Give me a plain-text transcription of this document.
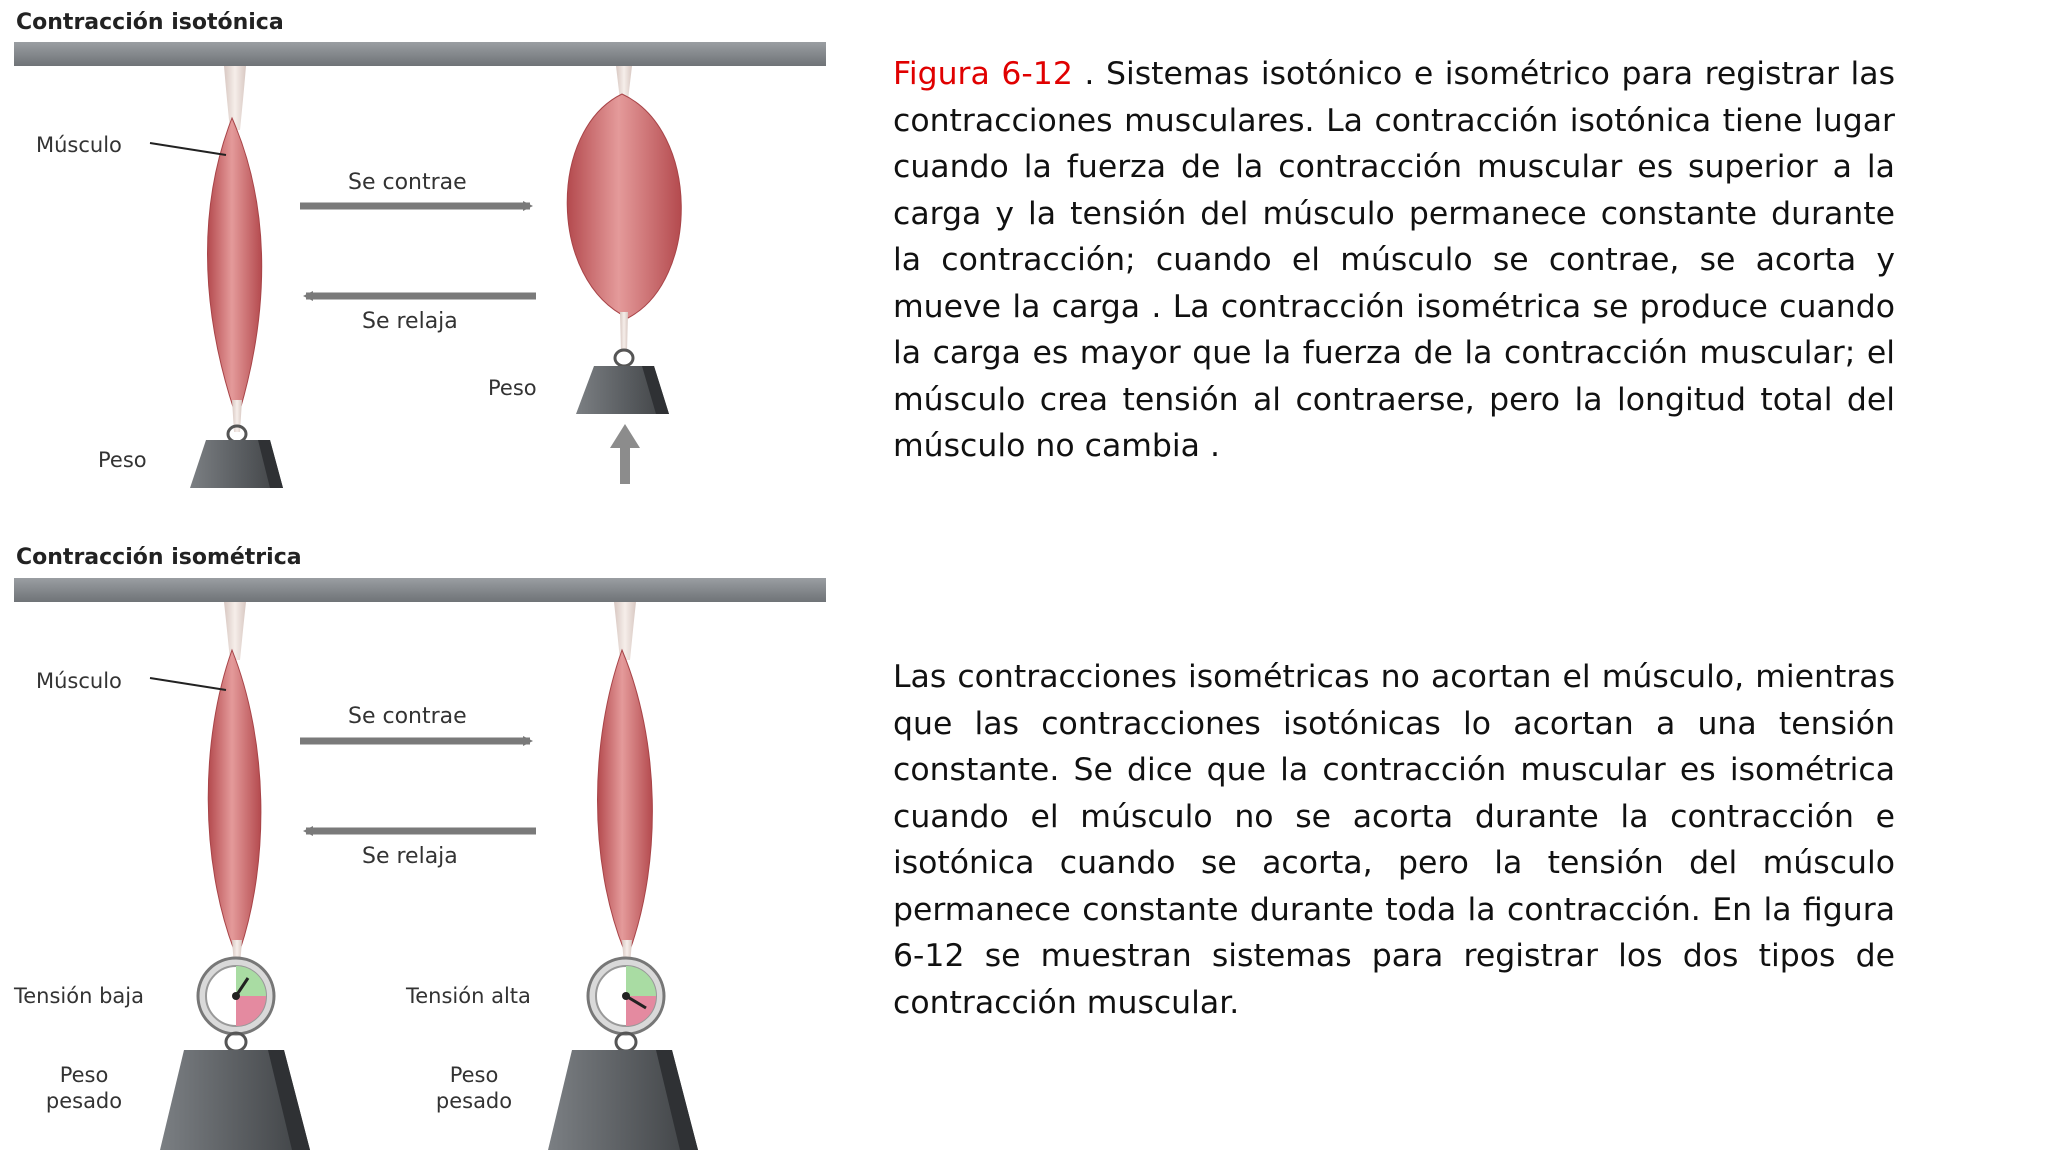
Contracción isotónica
Músculo
Peso
Se contrae
Se relaja
Peso
Contracción isométrica
Músculo
Se contrae
Se relaja
Tensión baja
Peso
pesado
Tensión alta
Peso
pesado

Figura 6-12 . Sistemas isotónico e isométrico para registrar las contracciones musculares. La contracción isotónica tiene lugar cuando la fuerza de la contracción muscular es superior a la carga y la tensión del músculo permanece constante durante la contracción; cuando el músculo se contrae, se acorta y mueve la carga . La contracción isométrica se produce cuando la carga es mayor que la fuerza de la contracción muscular; el músculo crea tensión al contraerse, pero la longitud total del músculo no cambia .

Las contracciones isométricas no acortan el músculo, mientras que las contracciones isotónicas lo acortan a una tensión constante. Se dice que la contracción muscular es isométrica cuando el músculo no se acorta durante la contracción e isotónica cuando se acorta, pero la tensión del músculo permanece constante durante toda la contracción. En la figura 6-12 se muestran sistemas para registrar los dos tipos de contracción muscular.
